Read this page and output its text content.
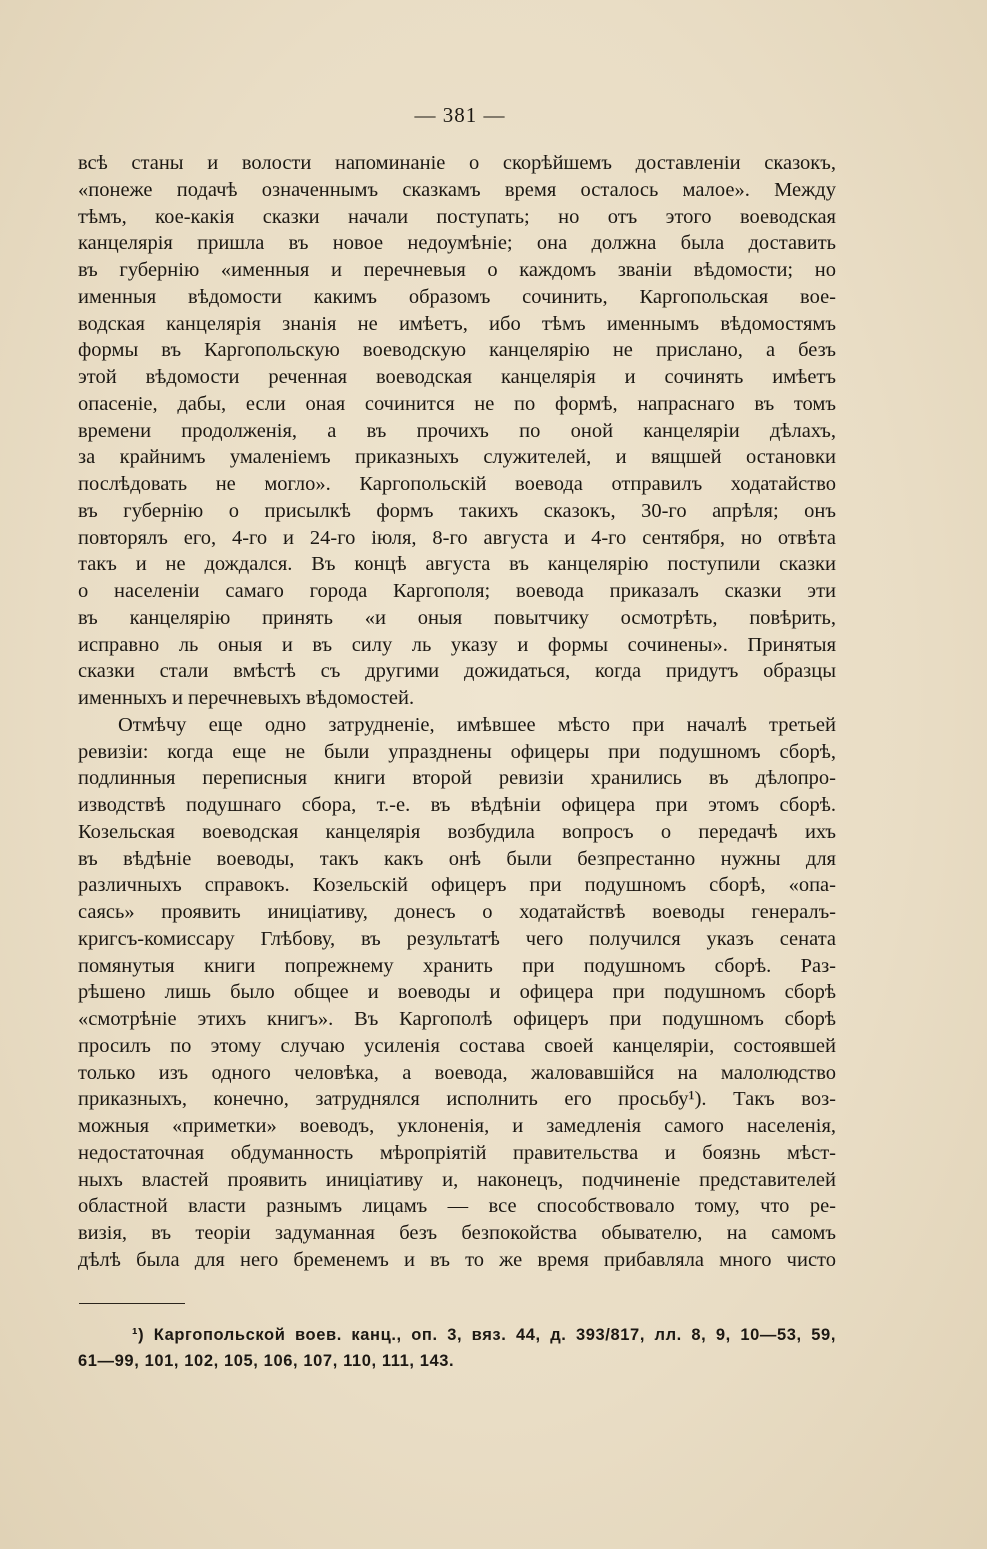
— 381 —
всѣ станы и волости напоминаніе о скорѣйшемъ доставленіи сказокъ,
«понеже подачѣ означеннымъ сказкамъ время осталось малое». Между
тѣмъ, кое-какія сказки начали поступать; но отъ этого воеводская
канцелярія пришла въ новое недоумѣніе; она должна была доставить
въ губернію «именныя и перечневыя о каждомъ званіи вѣдомости; но
именныя вѣдомости какимъ образомъ сочинить, Каргопольская вое-
водская канцелярія знанія не имѣетъ, ибо тѣмъ именнымъ вѣдомостямъ
формы въ Каргопольскую воеводскую канцелярію не прислано, а безъ
этой вѣдомости реченная воеводская канцелярія и сочинять имѣетъ
опасеніе, дабы, если оная сочинится не по формѣ, напраснаго въ томъ
времени продолженія, а въ прочихъ по оной канцеляріи дѣлахъ,
за крайнимъ умаленіемъ приказныхъ служителей, и вящшей остановки
послѣдовать не могло». Каргопольскій воевода отправилъ ходатайство
въ губернію о присылкѣ формъ такихъ сказокъ, 30-го апрѣля; онъ
повторялъ его, 4-го и 24-го іюля, 8-го августа и 4-го сентября, но отвѣта
такъ и не дождался. Въ концѣ августа въ канцелярію поступили сказки
о населеніи самаго города Каргополя; воевода приказалъ сказки эти
въ канцелярію принять «и оныя повытчику осмотрѣть, повѣрить,
исправно ль оныя и въ силу ль указу и формы сочинены». Принятыя
сказки стали вмѣстѣ съ другими дожидаться, когда придутъ образцы
именныхъ и перечневыхъ вѣдомостей.
Отмѣчу еще одно затрудненіе, имѣвшее мѣсто при началѣ третьей
ревизіи: когда еще не были упразднены офицеры при подушномъ сборѣ,
подлинныя переписныя книги второй ревизіи хранились въ дѣлопро-
изводствѣ подушнаго сбора, т.-е. въ вѣдѣніи офицера при этомъ сборѣ.
Козельская воеводская канцелярія возбудила вопросъ о передачѣ ихъ
въ вѣдѣніе воеводы, такъ какъ онѣ были безпрестанно нужны для
различныхъ справокъ. Козельскій офицеръ при подушномъ сборѣ, «опа-
саясь» проявить иниціативу, донесъ о ходатайствѣ воеводы генералъ-
кригсъ-комиссару Глѣбову, въ результатѣ чего получился указъ сената
помянутыя книги попрежнему хранить при подушномъ сборѣ. Раз-
рѣшено лишь было общее и воеводы и офицера при подушномъ сборѣ
«смотрѣніе этихъ книгъ». Въ Каргополѣ офицеръ при подушномъ сборѣ
просилъ по этому случаю усиленія состава своей канцеляріи, состоявшей
только изъ одного человѣка, а воевода, жаловавшійся на малолюдство
приказныхъ, конечно, затруднялся исполнить его просьбу¹). Такъ воз-
можныя «приметки» воеводъ, уклоненія, и замедленія самого населенія,
недостаточная обдуманность мѣропріятій правительства и боязнь мѣст-
ныхъ властей проявить иниціативу и, наконецъ, подчиненіе представителей
областной власти разнымъ лицамъ — все способствовало тому, что ре-
визія, въ теоріи задуманная безъ безпокойства обывателю, на самомъ
дѣлѣ была для него бременемъ и въ то же время прибавляла много чисто
¹) Каргопольской воев. канц., оп. 3, вяз. 44, д. 393/817, лл. 8, 9, 10—53, 59,
61—99, 101, 102, 105, 106, 107, 110, 111, 143.
